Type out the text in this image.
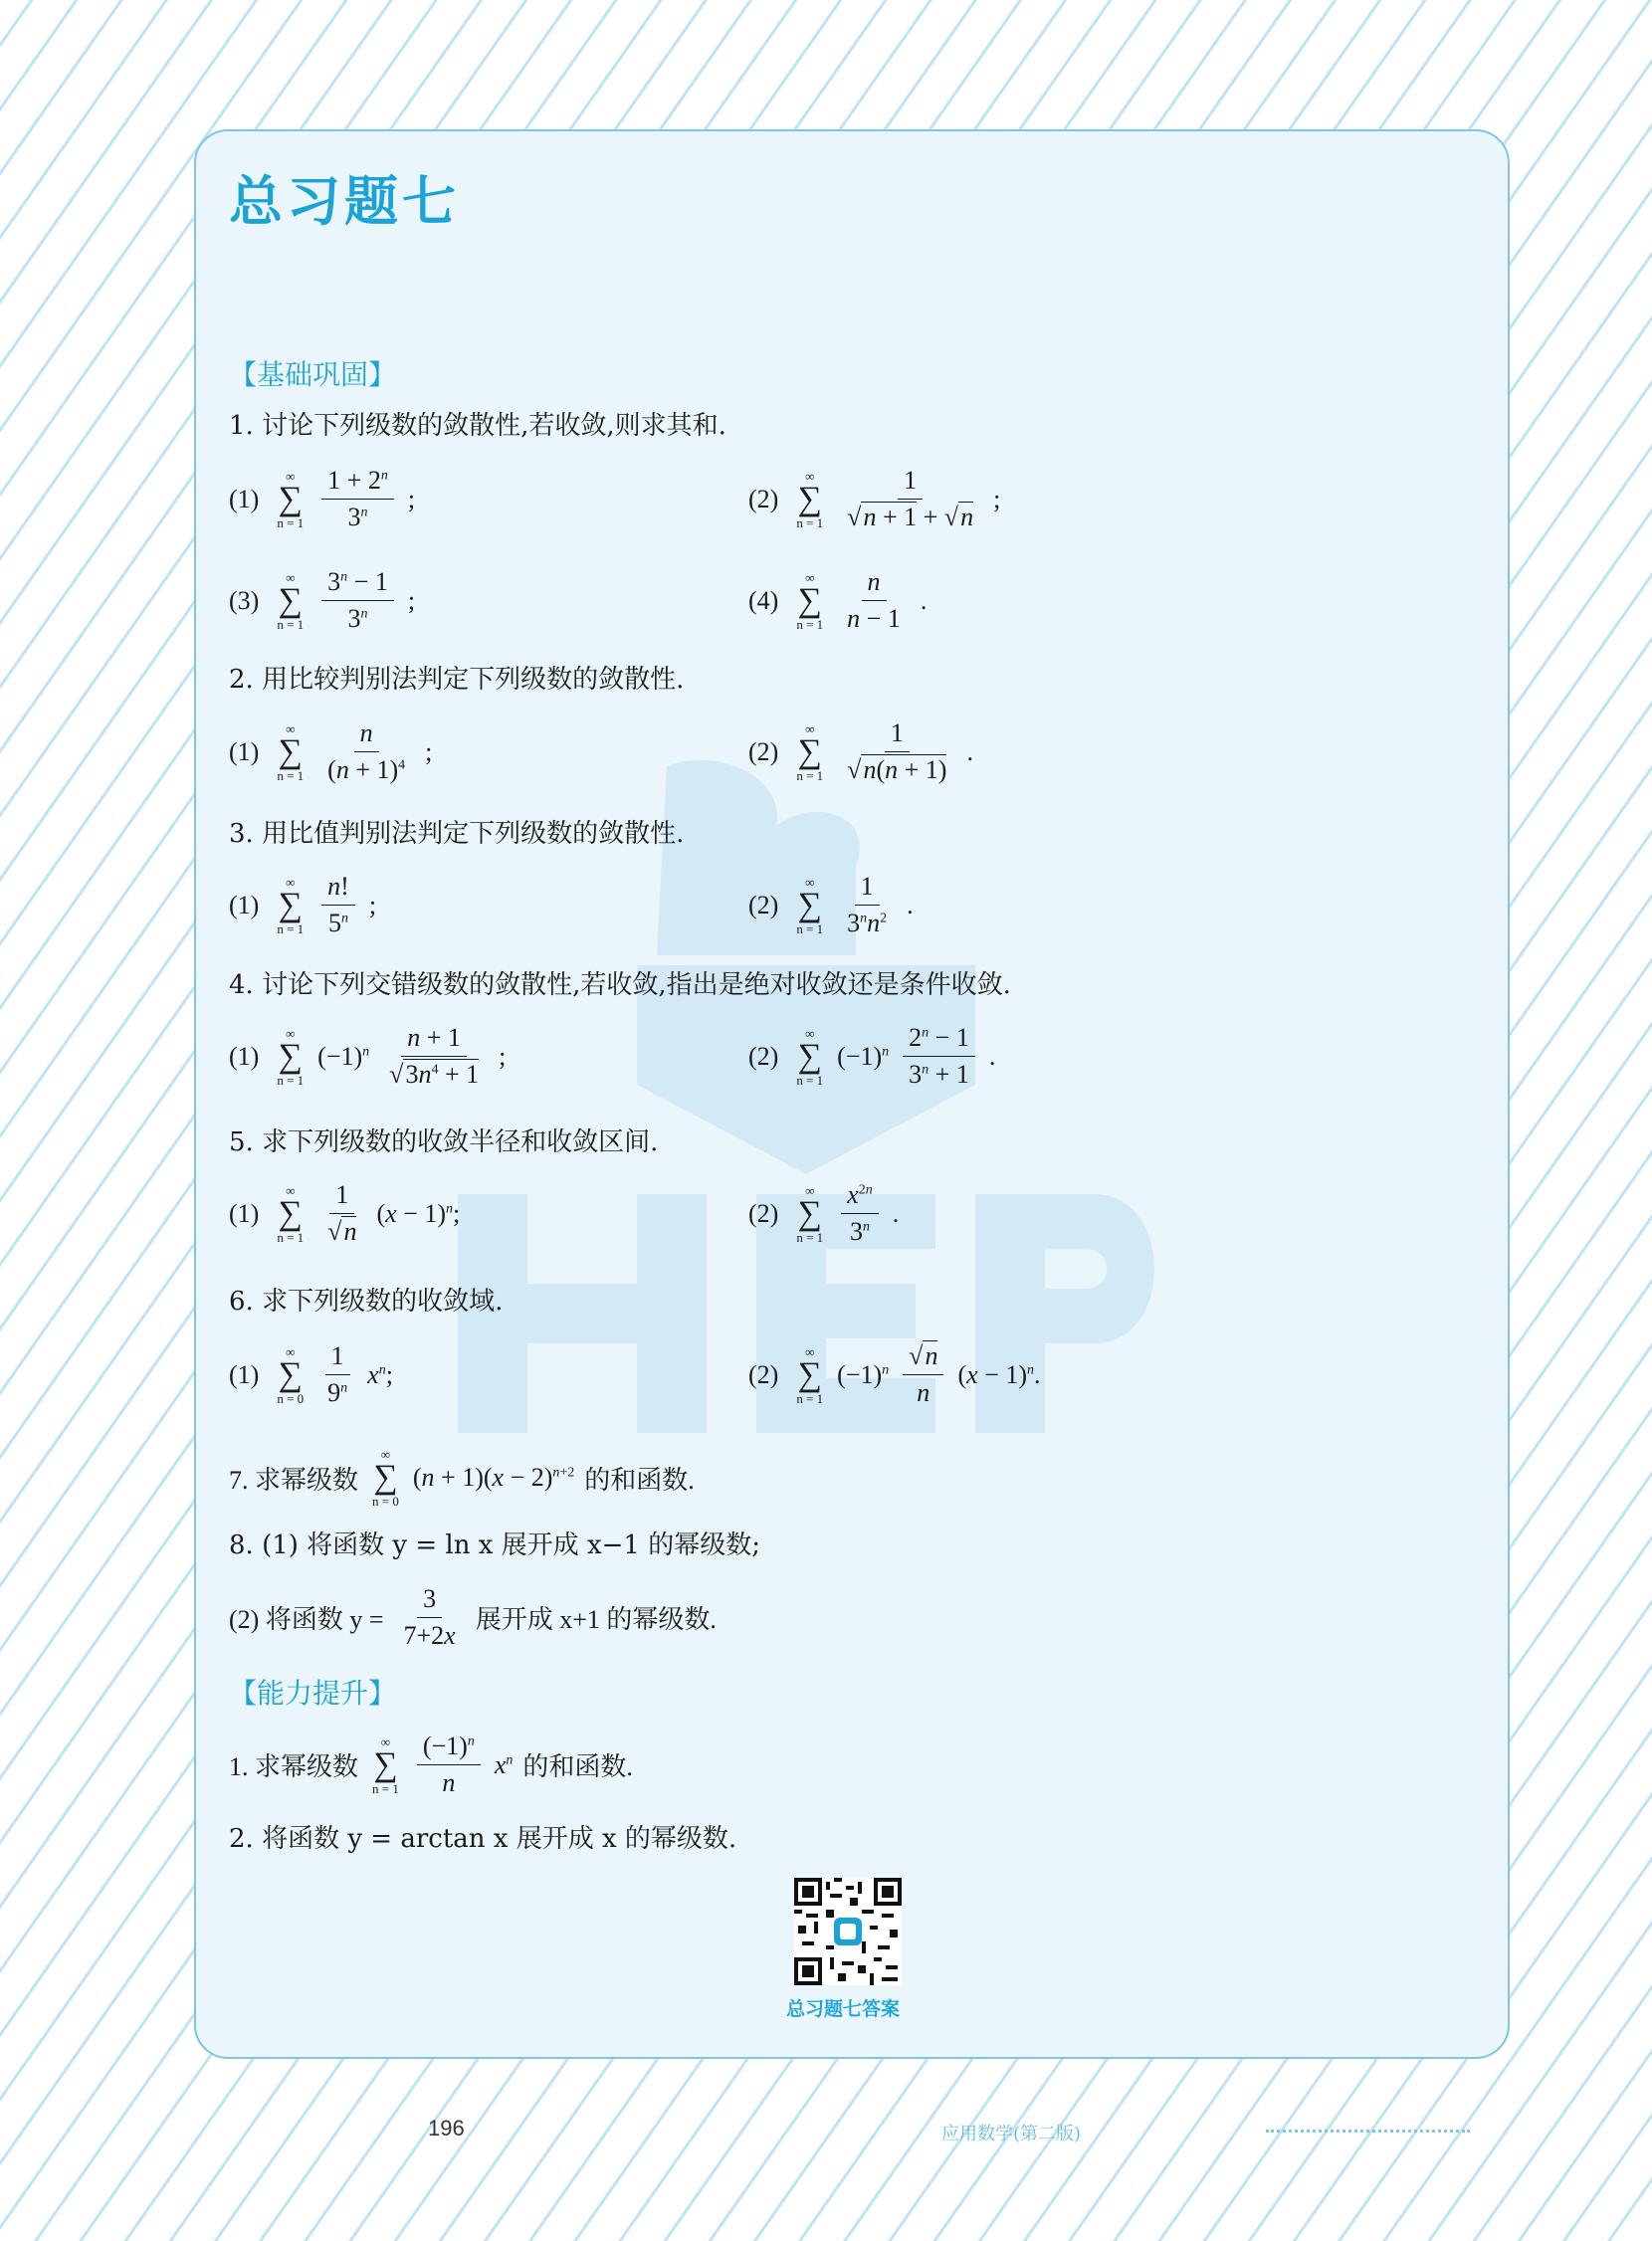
总习题七
【基础巩固】
1. 讨论下列级数的敛散性,若收敛,则求其和.
(1)
∞
∑
$n = 1 \frac{1 + 2^n}{3^n}$ ;	(2)
∞
∑
$n = 1 \frac{1}{√n + 1 + √n}$ ;
(3)
∞
∑
$n = 1 \frac{3^n - 1}{3^n}$ ;	(4)
∞
∑
$n = 1 \frac{n}{n - 1}$ .
2. 用比较判别法判定下列级数的敛散性.
(1)
∞
∑
$n = 1 \frac{n}{(n + 1)^4}$ ;	(2)
∞
∑
$n = 1 \frac{1}{√n(n + 1)}$ .
3. 用比值判别法判定下列级数的敛散性.
(1)
∞
∑
$n = 1 \frac{n!}{5^n}$ ;	(2)
∞
∑
$n = 1 \frac{1}{3^nn^2}$ .
4. 讨论下列交错级数的敛散性,若收敛,指出是绝对收敛还是条件收敛.
(1)
∞
∑
n = 1
$(-1)^n \frac{n + 1}{√3n^4 + 1}$ ;	(2)
∞
∑
n = 1
$(-1)^n \frac{2^n - 1}{3^n + 1}$ .
5. 求下列级数的收敛半径和收敛区间.
(1)
∞
∑
$n = 1 \frac{1}{√n} (x - 1)^n$;	(2)
∞
∑
$n = 1 \frac{x^{2n}}{3^n}$ .
6. 求下列级数的收敛域.
(1)
∞
∑
$n = 0 \frac{1}{9^n} x^n$;	(2)
∞
∑
n = 1
$(-1)^n \frac{√n}{n} (x - 1)^n$.
7. 求幂级数
∞
∑
n = 0
$(n + 1)(x - 2)^{n+2}$ 的和函数.
8. (1) 将函数 y = ln x 展开成 x−1 的幂级数;
(2) 将函数 $y = \frac{3}{7+2x}$ 展开成 x+1 的幂级数.
【能力提升】
1. 求幂级数
∞
∑
$n = 1 \frac{(-1)^n}{n} x^n$ 的和函数.
2. 将函数 y = arctan x 展开成 x 的幂级数.
总习题七答案
196	应用数学(第二版)
